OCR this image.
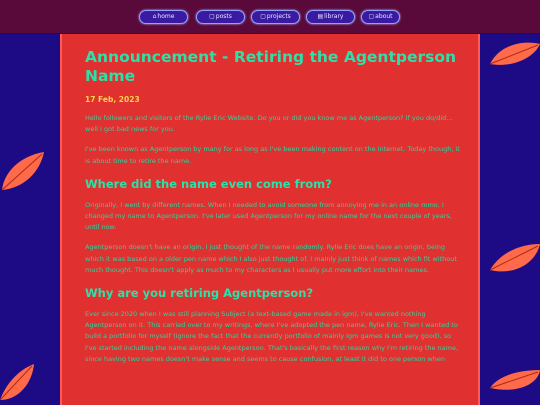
⌂home	▢posts	▢projects	▤library	▢about
Announcement - Retiring the Agentperson Name
17 Feb, 2023

Hello followers and visitors of the Rylie Eric Website. Do you or did you know me as Agentperson? If you do/did... well I got bad news for you.

I've been known as Agentperson by many for as long as I've been making content on the internet. Today though, it is about time to retire the name.

Where did the name even come from?

Originally, I went by different names. When I needed to avoid someone from annoying me in an online mmo, I changed my name to Agentperson. I've later used Agentperson for my online name for the next couple of years, until now.

Agentperson doesn't have an origin. I just thought of the name randomly. Rylie Eric does have an origin, being which it was based on a older pen name which I also just thought of. I mainly just think of names which fit without much thought. This doesn't apply as much to my characters as I usually put more effort into their names.

Why are you retiring Agentperson?

Ever since 2020 when I was still planning Subject (a text-based game made in igm), I've wanted nothing Agentperson on it. This carried over to my writings, where I've adopted the pen name, Rylie Eric. Then I wanted to build a portfolio for myself (ignore the fact that the currently portfolio of mainly igm games is not very good), so I've started including the name alongside Agentperson. That's basically the first reason why I'm retiring the name, since having two names doesn't make sense and seems to cause confusion, at least it did to one person when
